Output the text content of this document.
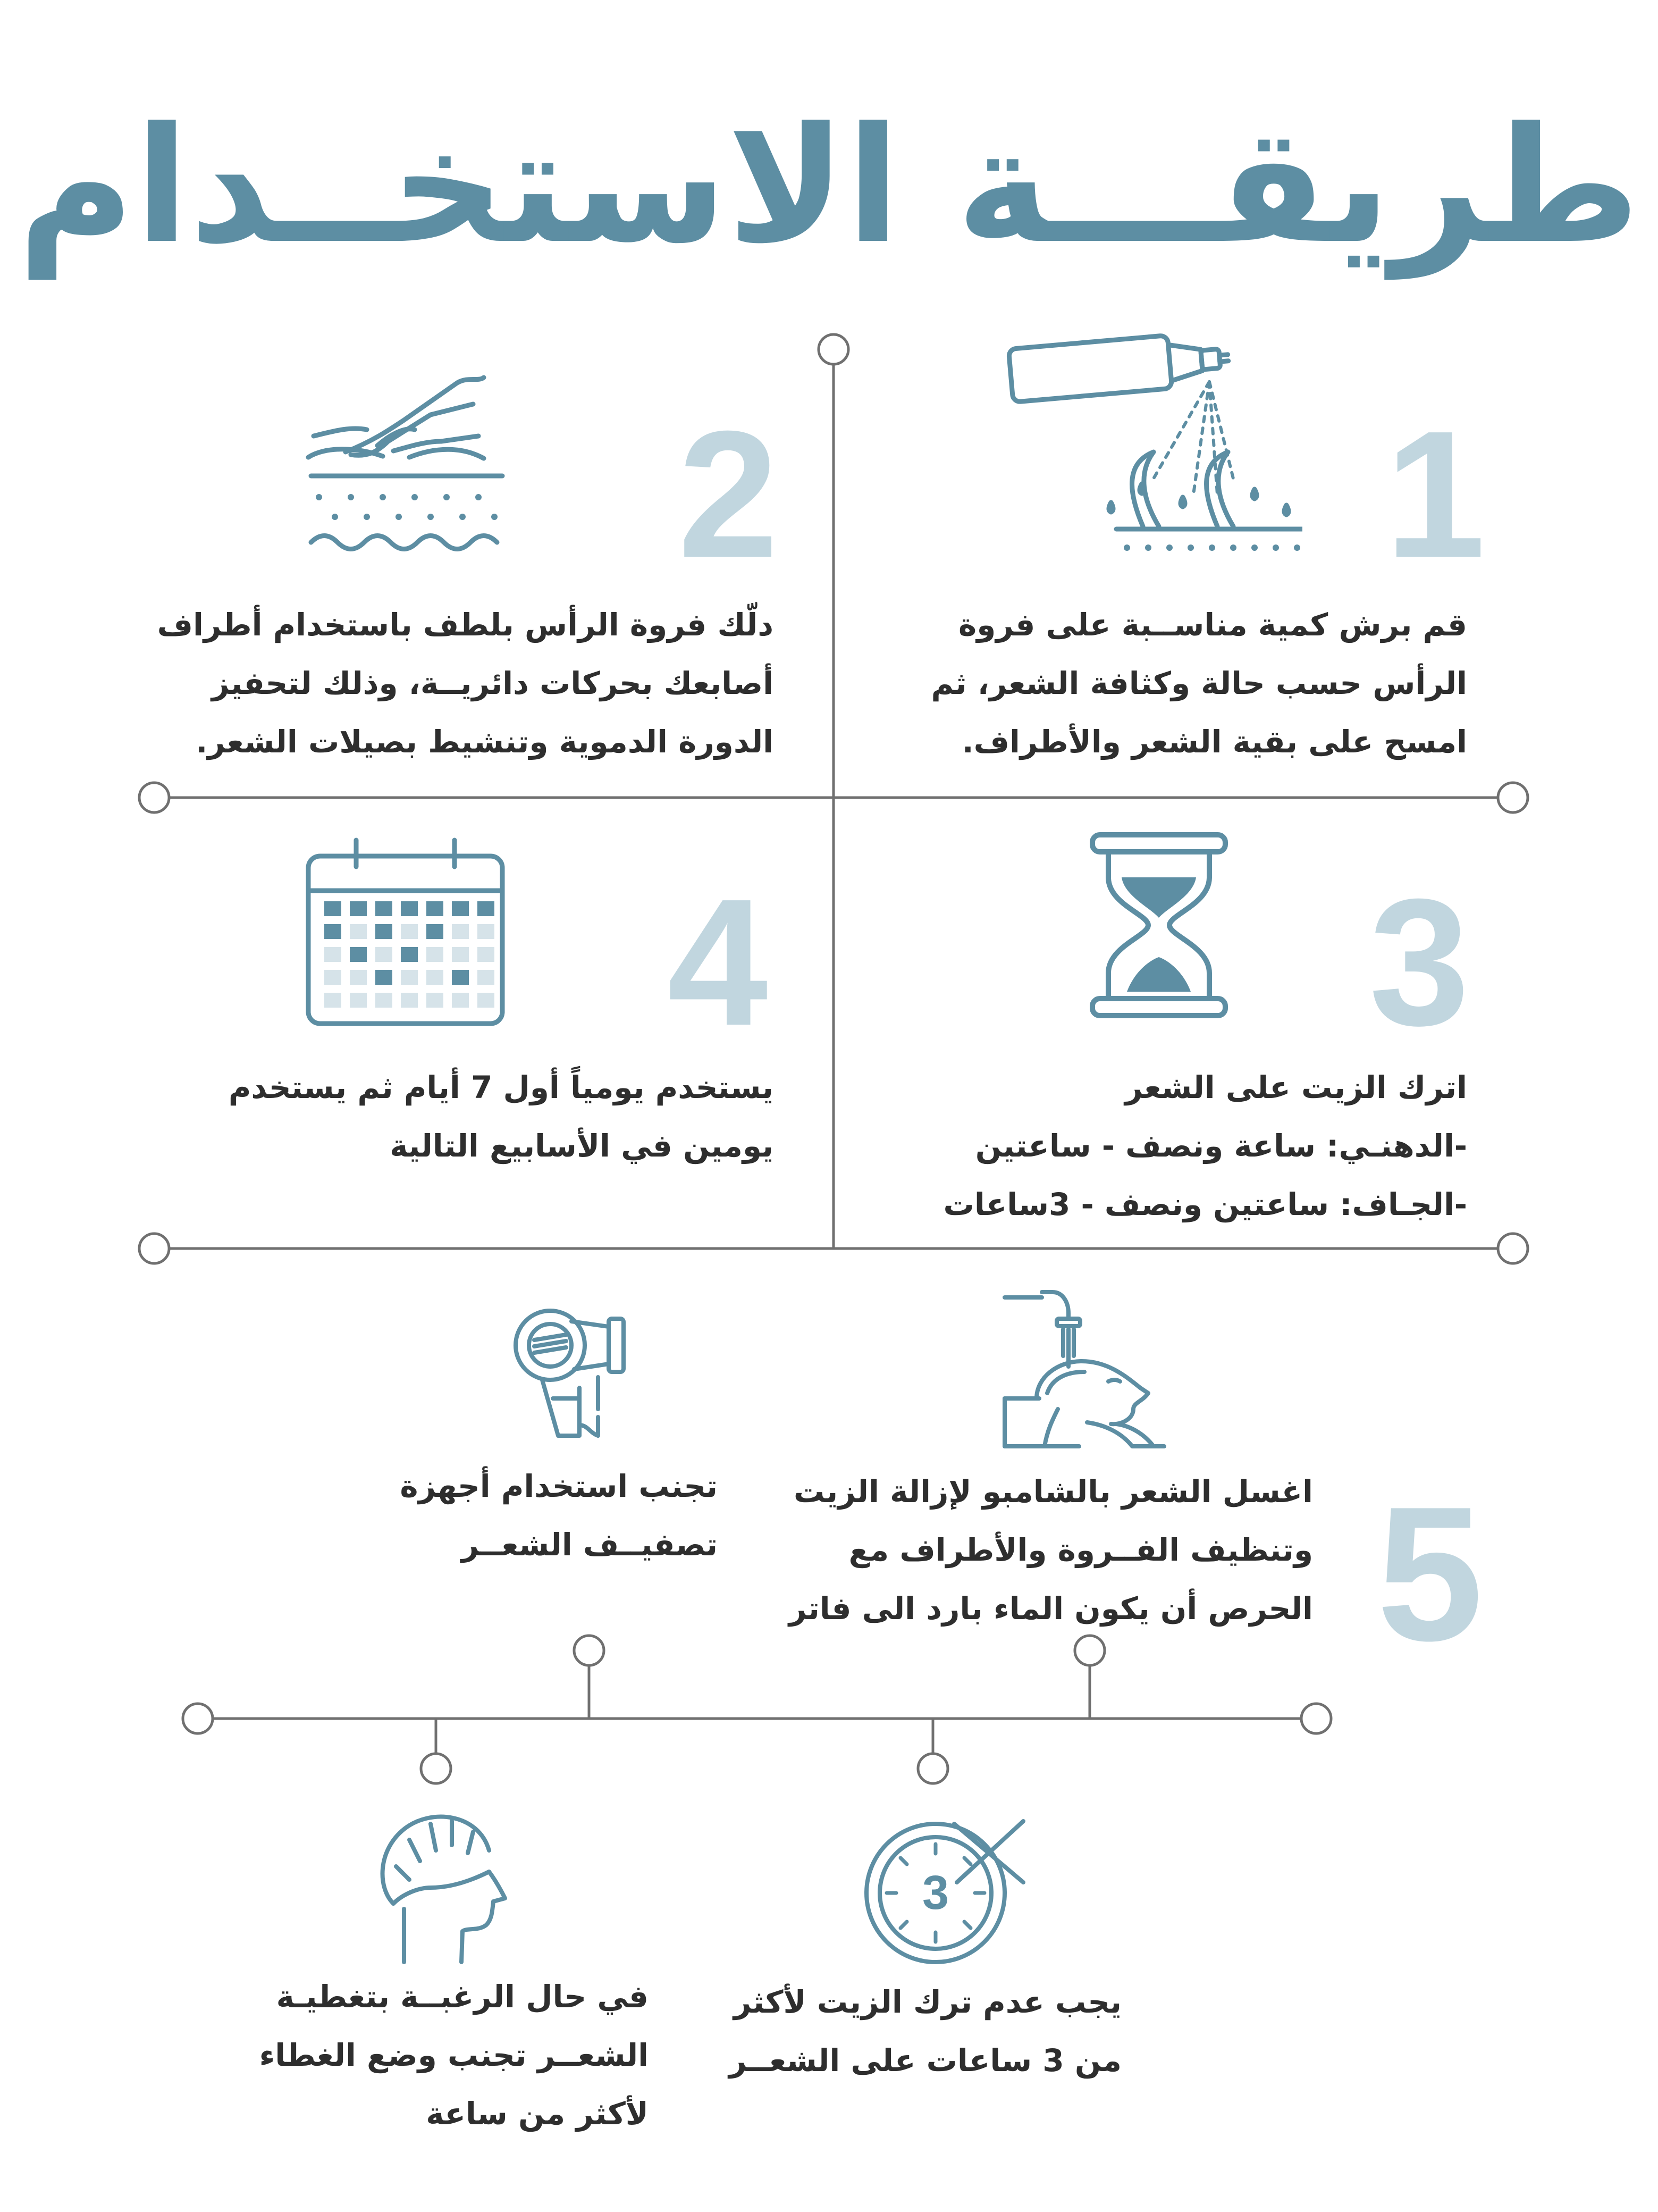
طريقـــة الاستخــدام
1
قم برش كمية مناســبة على فروة
الرأس حسب حالة وكثافة الشعر، ثم
امسح على بقية الشعر والأطراف.
2
دلّك فروة الرأس بلطف باستخدام أطراف
أصابعك بحركات دائريــة، وذلك لتحفيز
الدورة الدموية وتنشيط بصيلات الشعر.
3
اترك الزيت على الشعر
-الدهنـي: ساعة ونصف - ساعتين
-الجـاف: ساعتين ونصف - 3ساعات
4
يستخدم يومياً أول 7 أيام ثم يستخدم
يومين في الأسابيع التالية
5
اغسل الشعر بالشامبو لإزالة الزيت
وتنظيف الفــروة والأطراف مع
الحرص أن يكون الماء بارد الى فاتر
تجنب استخدام أجهزة
تصفيــف الشعــر
3
يجب عدم ترك الزيت لأكثر
من 3 ساعات على الشعــر
في حال الرغبــة بتغطيـة
الشعــر تجنب وضع الغطاء
لأكثر من ساعة
